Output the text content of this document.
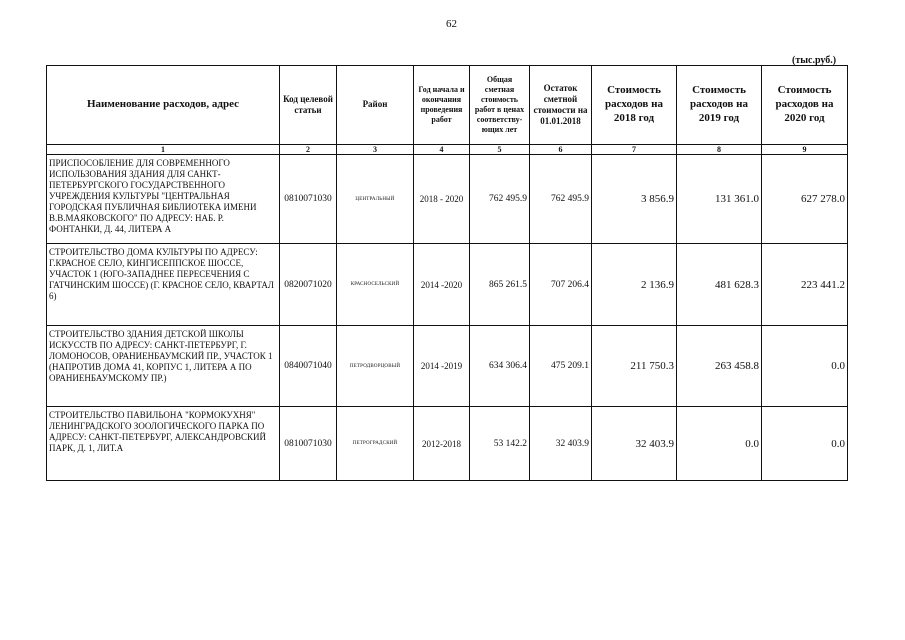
62
(тыс.руб.)
Наименование расходов, адрес	Код целевой статьи	Район	Год начала и окончания проведения работ	Общая сметная стоимость работ в ценах соответству-ющих лет	Остаток сметной стоимости на 01.01.2018	Стоимость расходов на 2018 год	Стоимость расходов на 2019 год	Стоимость расходов на 2020 год
1	2	3	4	5	6	7	8	9
ПРИСПОСОБЛЕНИЕ ДЛЯ СОВРЕМЕННОГО ИСПОЛЬЗОВАНИЯ ЗДАНИЯ ДЛЯ САНКТ-ПЕТЕРБУРГСКОГО ГОСУДАРСТВЕННОГО УЧРЕЖДЕНИЯ КУЛЬТУРЫ "ЦЕНТРАЛЬНАЯ ГОРОДСКАЯ ПУБЛИЧНАЯ БИБЛИОТЕКА ИМЕНИ В.В.МАЯКОВСКОГО" ПО АДРЕСУ: НАБ. Р. ФОНТАНКИ, Д. 44, ЛИТЕРА А	0810071030	ЦЕНТРАЛЬНЫЙ	2018 - 2020	762 495.9	762 495.9	3 856.9	131 361.0	627 278.0
СТРОИТЕЛЬСТВО ДОМА КУЛЬТУРЫ ПО АДРЕСУ: Г.КРАСНОЕ СЕЛО, КИНГИСЕППСКОЕ ШОССЕ, УЧАСТОК 1 (ЮГО-ЗАПАДНЕЕ ПЕРЕСЕЧЕНИЯ С ГАТЧИНСКИМ ШОССЕ) (Г. КРАСНОЕ СЕЛО, КВАРТАЛ 6)	0820071020	КРАСНОСЕЛЬСКИЙ	2014 -2020	865 261.5	707 206.4	2 136.9	481 628.3	223 441.2
СТРОИТЕЛЬСТВО ЗДАНИЯ ДЕТСКОЙ ШКОЛЫ ИСКУССТВ ПО АДРЕСУ: САНКТ-ПЕТЕРБУРГ, Г. ЛОМОНОСОВ, ОРАНИЕНБАУМСКИЙ ПР., УЧАСТОК 1 (НАПРОТИВ ДОМА 41, КОРПУС 1, ЛИТЕРА А ПО ОРАНИЕНБАУМСКОМУ ПР.)	0840071040	ПЕТРОДВОРЦОВЫЙ	2014 -2019	634 306.4	475 209.1	211 750.3	263 458.8	0.0
СТРОИТЕЛЬСТВО ПАВИЛЬОНА "КОРМОКУХНЯ" ЛЕНИНГРАДСКОГО ЗООЛОГИЧЕСКОГО ПАРКА ПО АДРЕСУ: САНКТ-ПЕТЕРБУРГ, АЛЕКСАНДРОВСКИЙ ПАРК, Д. 1, ЛИТ.А	0810071030	ПЕТРОГРАДСКИЙ	2012-2018	53 142.2	32 403.9	32 403.9	0.0	0.0
